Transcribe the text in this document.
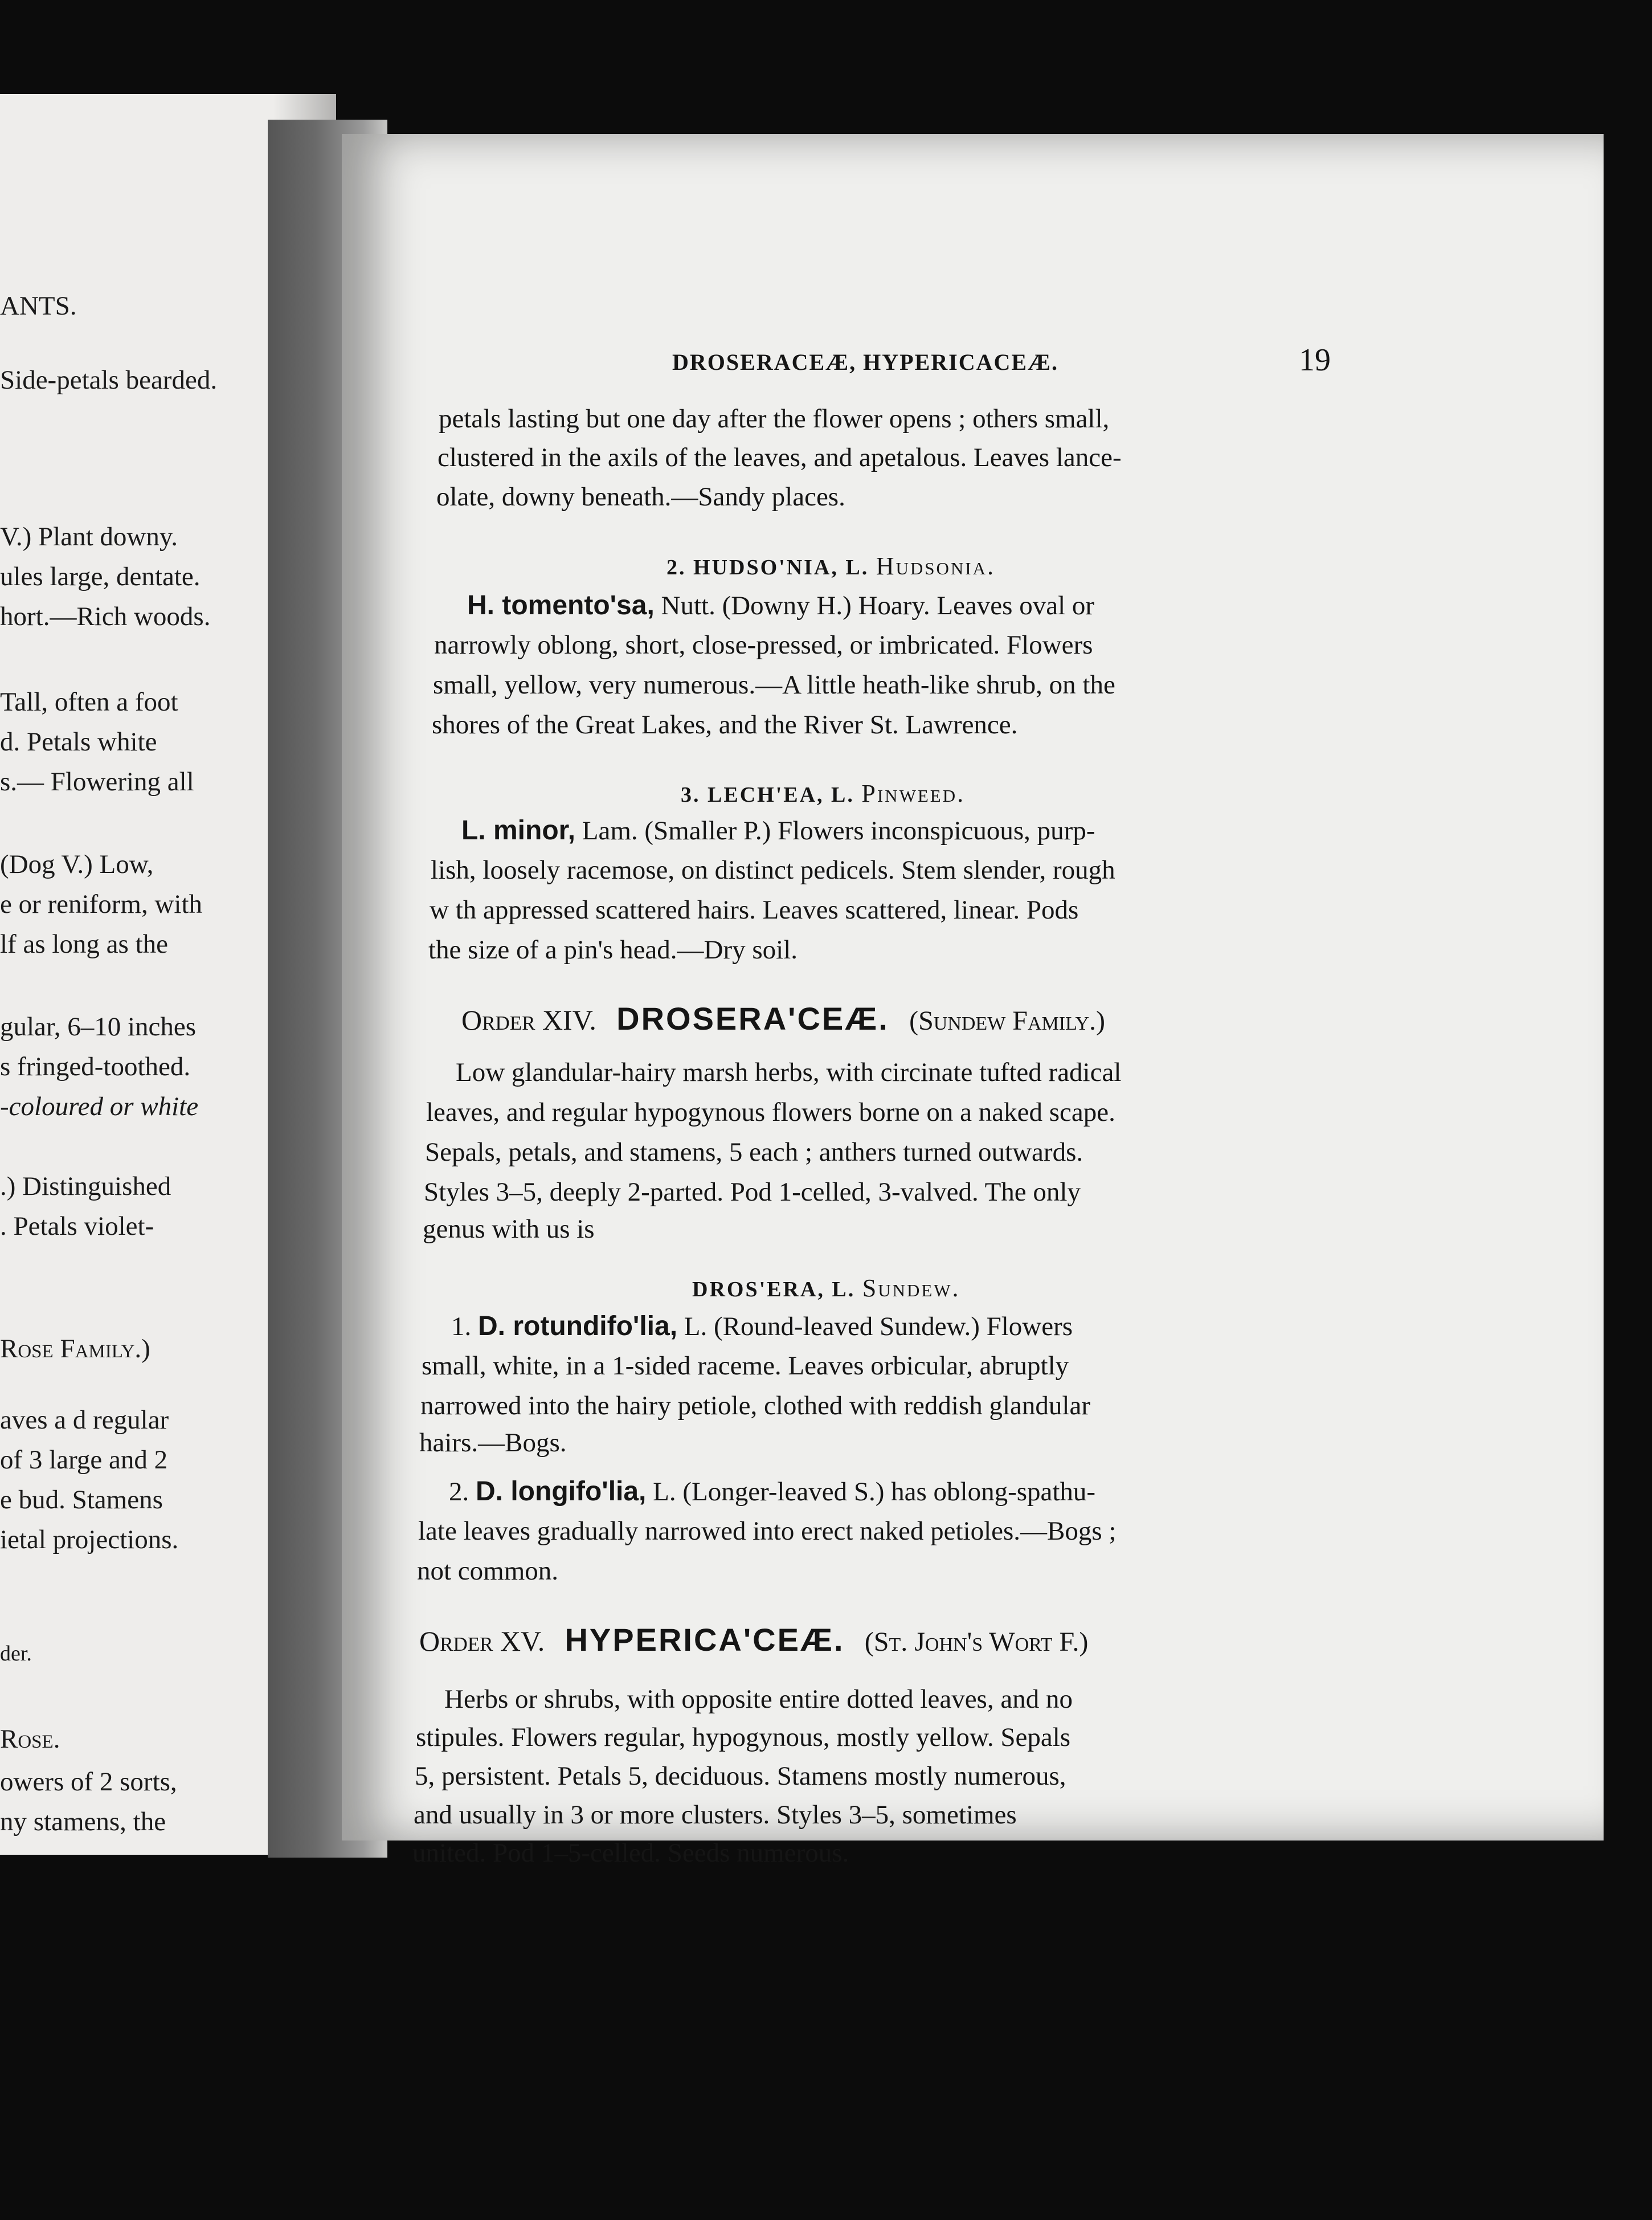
ANTS.
Side-petals bearded.
V.) Plant downy.
ules large, dentate.
hort.—Rich woods.
Tall, often a foot
d. Petals white
s.— Flowering all
(Dog V.) Low,
e or reniform, with
lf as long as the
gular, 6–10 inches
s fringed-toothed.
-coloured or white
.) Distinguished
. Petals violet-
Rose Family.)
aves a d regular
of 3 large and 2
e bud. Stamens
ietal projections.
der.
Rose.
owers of 2 sorts,
ny stamens, the
DROSERACEÆ, HYPERICACEÆ.	19
petals lasting but one day after the flower opens ; others small,
clustered in the axils of the leaves, and apetalous. Leaves lance-
olate, downy beneath.—Sandy places.
2. HUDSO'NIA, L. Hudsonia.
H. tomento'sa, Nutt. (Downy H.) Hoary. Leaves oval or
narrowly oblong, short, close-pressed, or imbricated. Flowers
small, yellow, very numerous.—A little heath-like shrub, on the
shores of the Great Lakes, and the River St. Lawrence.
3. LECH'EA, L. Pinweed.
L. minor, Lam. (Smaller P.) Flowers inconspicuous, purp-
lish, loosely racemose, on distinct pedicels. Stem slender, rough
w th appressed scattered hairs. Leaves scattered, linear. Pods
the size of a pin's head.—Dry soil.
Order XIV. DROSERA'CEÆ. (Sundew Family.)
Low glandular-hairy marsh herbs, with circinate tufted radical
leaves, and regular hypogynous flowers borne on a naked scape.
Sepals, petals, and stamens, 5 each ; anthers turned outwards.
Styles 3–5, deeply 2-parted. Pod 1-celled, 3-valved. The only
genus with us is
DROS'ERA, L. Sundew.
1. D. rotundifo'lia, L. (Round-leaved Sundew.) Flowers
small, white, in a 1-sided raceme. Leaves orbicular, abruptly
narrowed into the hairy petiole, clothed with reddish glandular
hairs.—Bogs.
2. D. longifo'lia, L. (Longer-leaved S.) has oblong-spathu-
late leaves gradually narrowed into erect naked petioles.—Bogs ;
not common.
Order XV. HYPERICA'CEÆ. (St. John's Wort F.)
Herbs or shrubs, with opposite entire dotted leaves, and no
stipules. Flowers regular, hypogynous, mostly yellow. Sepals
5, persistent. Petals 5, deciduous. Stamens mostly numerous,
and usually in 3 or more clusters. Styles 3–5, sometimes
united. Pod 1–5-celled. Seeds numerous.
